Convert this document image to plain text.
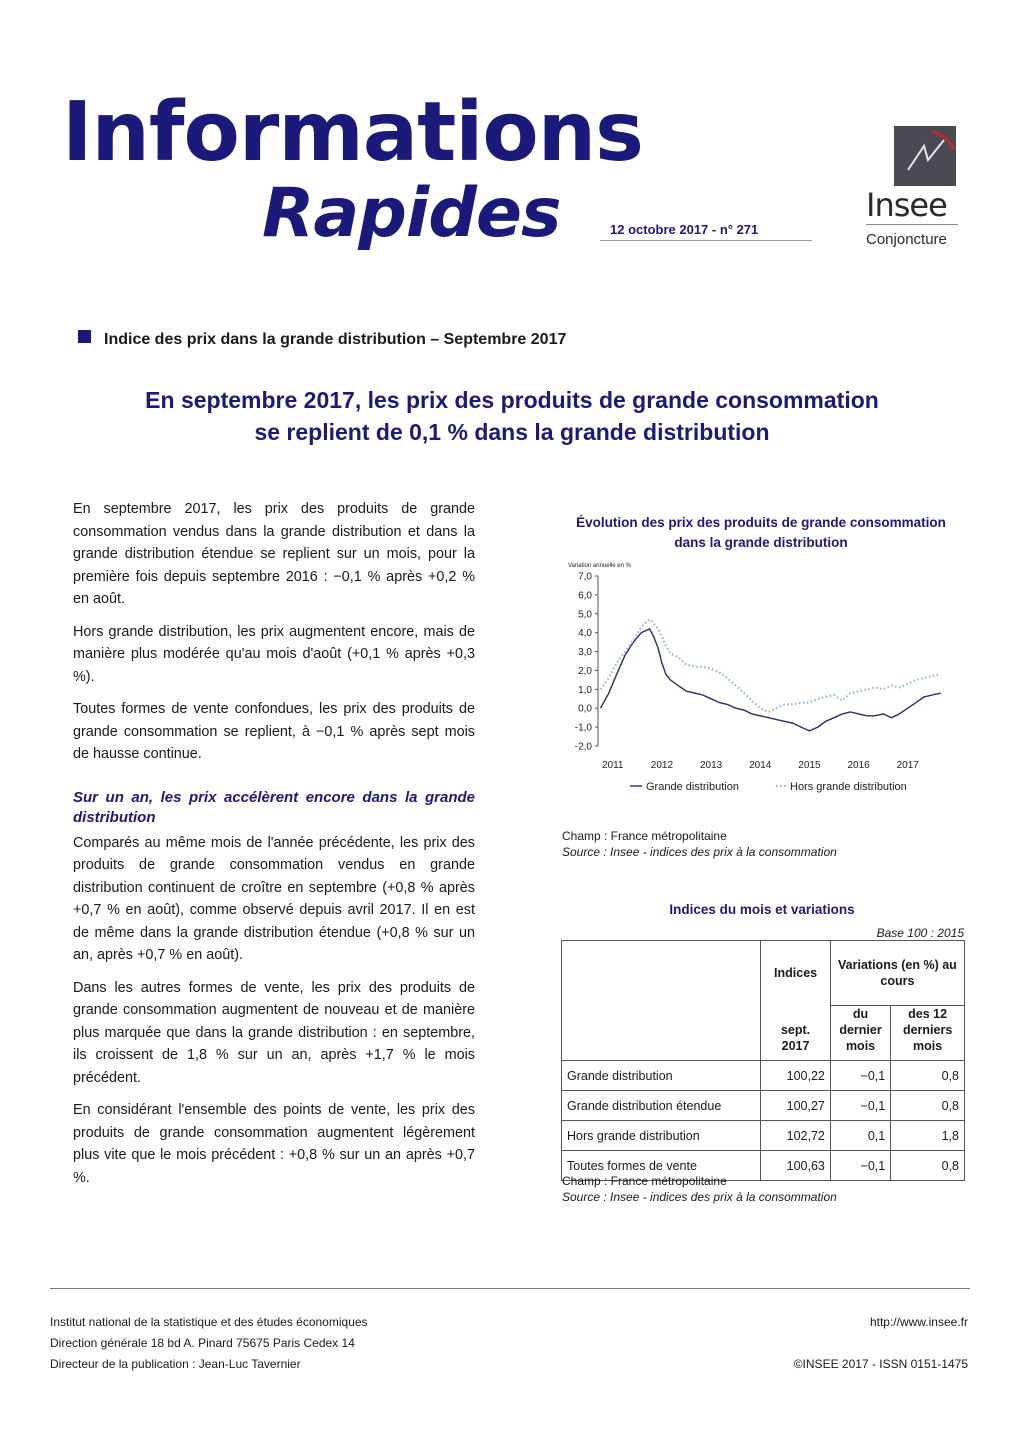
Informations
Rapides	12 octobre 2017 - n° 271
Insee
Conjoncture
Indice des prix dans la grande distribution – Septembre 2017
En septembre 2017, les prix des produits de grande consommation
se replient de 0,1 % dans la grande distribution

En septembre 2017, les prix des produits de grande consommation vendus dans la grande distribution et dans la grande distribution étendue se replient sur un mois, pour la première fois depuis septembre 2016 : −0,1 % après +0,2 % en août.

Hors grande distribution, les prix augmentent encore, mais de manière plus modérée qu'au mois d'août (+0,1 % après +0,3 %).

Toutes formes de vente confondues, les prix des produits de grande consommation se replient, à −0,1 % après sept mois de hausse continue.

Sur un an, les prix accélèrent encore dans la grande distribution

Comparés au même mois de l'année précédente, les prix des produits de grande consommation vendus en grande distribution continuent de croître en septembre (+0,8 % après +0,7 % en août), comme observé depuis avril 2017. Il en est de même dans la grande distribution étendue (+0,8 % sur un an, après +0,7 % en août).

Dans les autres formes de vente, les prix des produits de grande consommation augmentent de nouveau et de manière plus marquée que dans la grande distribution : en septembre, ils croissent de 1,8 % sur un an, après +1,7 % le mois précédent.

En considérant l'ensemble des points de vente, les prix des produits de grande consommation augmentent légèrement plus vite que le mois précédent : +0,8 % sur un an après +0,7 %.

Évolution des prix des produits de grande consommation dans la grande distribution
Variation annuelle en %
7,0
6,0
5,0
4,0
3,0
2,0
1,0
0,0
-1,0
-2,0
2011	2012	2013	2014	2015	2016	2017
Grande distribution	Hors grande distribution
Champ : France métropolitaine
Source : Insee - indices des prix à la consommation
Indices du mois et variations
Base 100 : 2015
	Indices	Variations (en %) au cours	
	sept. 2017	du dernier mois	des 12 derniers mois
Grande distribution	100,22	−0,1	0,8
Grande distribution étendue	100,27	−0,1	0,8
Hors grande distribution	102,72	0,1	1,8
Toutes formes de vente	100,63	−0,1	0,8
Champ : France métropolitaine
Source : Insee - indices des prix à la consommation
Institut national de la statistique et des études économiques
Direction générale 18 bd A. Pinard 75675 Paris Cedex 14
Directeur de la publication : Jean-Luc Tavernier
http://www.insee.fr
©INSEE 2017 - ISSN 0151-1475
